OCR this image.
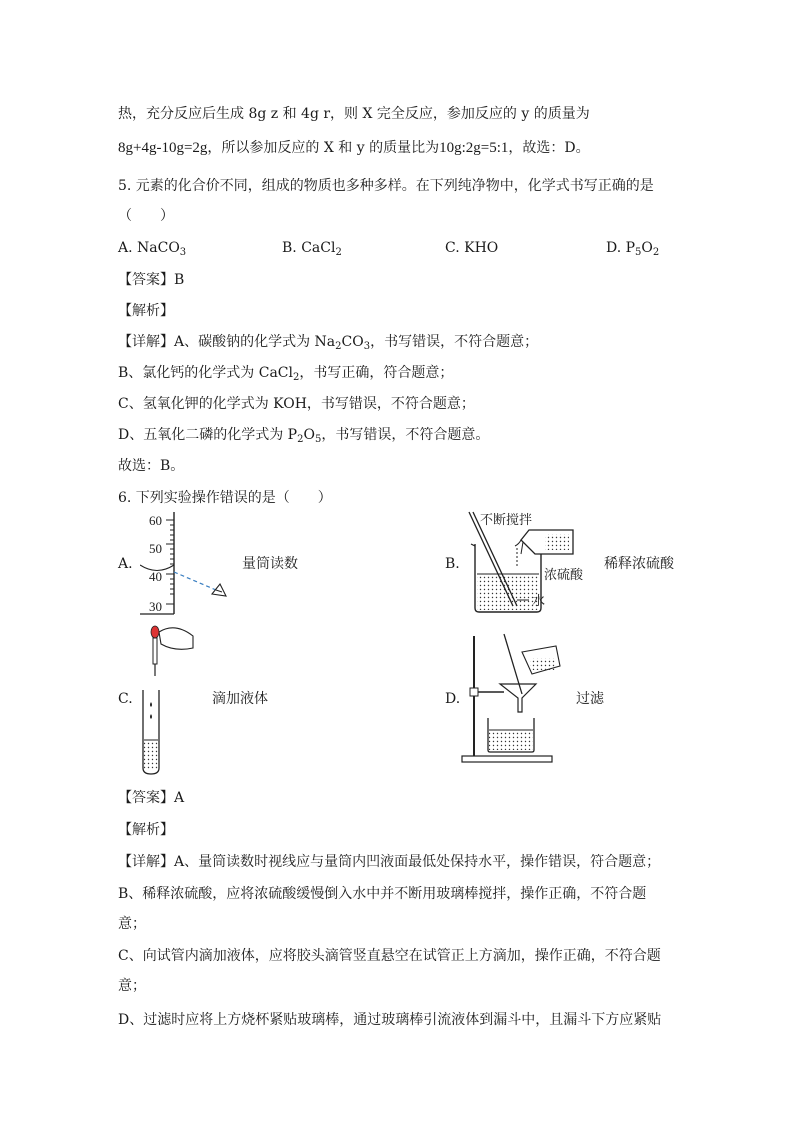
热，充分反应后生成 8g z 和 4g r，则 X 完全反应，参加反应的 y 的质量为
8g+4g-10g=2g，所以参加反应的 X 和 y 的质量比为10g:2g=5:1，故选：D。
5. 元素的化合价不同，组成的物质也多种多样。在下列纯净物中，化学式书写正确的是
（　　）
A. NaCO$_3$	B. CaCl$_2$	C. KHO	D. $P_5O_2$
【答案】B
【解析】
【详解】A、碳酸钠的化学式为 $Na_2CO_3$，书写错误，不符合题意；
B、氯化钙的化学式为 CaCl$_2$，书写正确，符合题意；
C、氢氧化钾的化学式为 KOH，书写错误，不符合题意；
D、五氧化二磷的化学式为 $P_2O_5$，书写错误，不符合题意。
故选：B。
6. 下列实验操作错误的是（　　）
A.
60
50
40
30
量筒读数	B.
不断搅拌
浓硫酸
水
稀释浓硫酸
C.	滴加液体	D.	过滤
【答案】A
【解析】
【详解】A、量筒读数时视线应与量筒内凹液面最低处保持水平，操作错误，符合题意；
B、稀释浓硫酸，应将浓硫酸缓慢倒入水中并不断用玻璃棒搅拌，操作正确，不符合题
意；
C、向试管内滴加液体，应将胶头滴管竖直悬空在试管正上方滴加，操作正确，不符合题
意；
D、过滤时应将上方烧杯紧贴玻璃棒，通过玻璃棒引流液体到漏斗中，且漏斗下方应紧贴
